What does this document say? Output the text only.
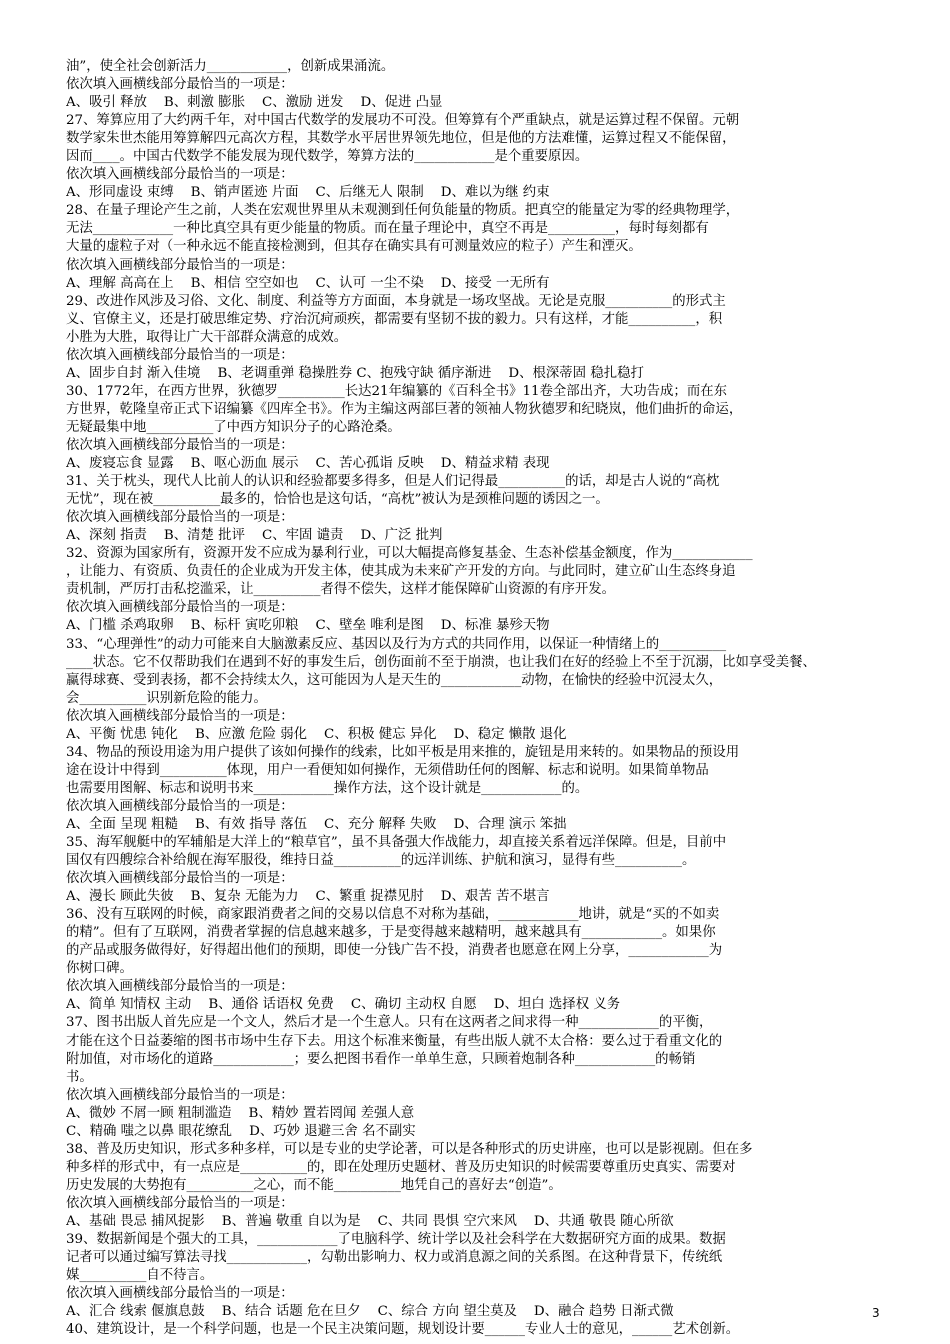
油”，使全社会创新活力____________，创新成果涌流。
依次填入画横线部分最恰当的一项是：
A、吸引 释放    B、刺激 膨胀    C、激励 迸发    D、促进 凸显
27、筹算应用了大约两千年，对中国古代数学的发展功不可没。但筹算有个严重缺点，就是运算过程不保留。元朝
数学家朱世杰能用筹算解四元高次方程，其数学水平居世界领先地位，但是他的方法难懂，运算过程又不能保留，
因而____。中国古代数学不能发展为现代数学，筹算方法的____________是个重要原因。
依次填入画横线部分最恰当的一项是：
A、形同虚设 束缚    B、销声匿迹 片面    C、后继无人 限制    D、难以为继 约束
28、在量子理论产生之前，人类在宏观世界里从未观测到任何负能量的物质。把真空的能量定为零的经典物理学，
无法____________一种比真空具有更少能量的物质。而在量子理论中，真空不再是__________，每时每刻都有
大量的虚粒子对（一种永远不能直接检测到，但其存在确实具有可测量效应的粒子）产生和湮灭。
依次填入画横线部分最恰当的一项是：
A、理解 高高在上    B、相信 空空如也    C、认可 一尘不染    D、接受 一无所有
29、改进作风涉及习俗、文化、制度、利益等方方面面，本身就是一场攻坚战。无论是克服__________的形式主
义、官僚主义，还是打破思维定势、疗治沉疴顽疾，都需要有坚韧不拔的毅力。只有这样，才能__________，积
小胜为大胜，取得让广大干部群众满意的成效。
依次填入画横线部分最恰当的一项是：
A、固步自封 渐入佳境    B、老调重弹 稳操胜券 C、抱残守缺 循序渐进    D、根深蒂固 稳扎稳打
30、1772年，在西方世界，狄德罗__________长达21年编纂的《百科全书》11卷全部出齐，大功告成；而在东
方世界，乾隆皇帝正式下诏编纂《四库全书》。作为主编这两部巨著的领袖人物狄德罗和纪晓岚，他们曲折的命运，
无疑最集中地__________了中西方知识分子的心路沧桑。
依次填入画横线部分最恰当的一项是：
A、废寝忘食 显露    B、呕心沥血 展示    C、苦心孤诣 反映    D、精益求精 表现
31、关于枕头，现代人比前人的认识和经验都要多得多，但是人们记得最__________的话，却是古人说的“高枕
无忧”，现在被__________最多的，恰恰也是这句话，“高枕”被认为是颈椎问题的诱因之一。
依次填入画横线部分最恰当的一项是：
A、深刻 指责    B、清楚 批评    C、牢固 谴责    D、广泛 批判
32、资源为国家所有，资源开发不应成为暴利行业，可以大幅提高修复基金、生态补偿基金额度，作为____________
，让能力、有资质、负责任的企业成为开发主体，使其成为未来矿产开发的方向。与此同时，建立矿山生态终身追
责机制，严厉打击私挖滥采，让__________者得不偿失，这样才能保障矿山资源的有序开发。
依次填入画横线部分最恰当的一项是：
A、门槛 杀鸡取卵    B、标杆 寅吃卯粮    C、壁垒 唯利是图    D、标准 暴殄天物
33、“心理弹性”的动力可能来自大脑激素反应、基因以及行为方式的共同作用，以保证一种情绪上的__________
____状态。它不仅帮助我们在遇到不好的事发生后，创伤面前不至于崩溃，也让我们在好的经验上不至于沉溺，比如享受美餐、
赢得球赛、受到表扬，都不会持续太久，这可能因为人是天生的____________动物，在愉快的经验中沉浸太久，
会__________识别新危险的能力。
依次填入画横线部分最恰当的一项是：
A、平衡 忧患 钝化    B、应激 危险 弱化    C、积极 健忘 异化    D、稳定 懒散 退化
34、物品的预设用途为用户提供了该如何操作的线索，比如平板是用来推的，旋钮是用来转的。如果物品的预设用
途在设计中得到__________体现，用户一看便知如何操作，无须借助任何的图解、标志和说明。如果简单物品
也需要用图解、标志和说明书来____________操作方法，这个设计就是____________的。
依次填入画横线部分最恰当的一项是：
A、全面 呈现 粗糙    B、有效 指导 落伍    C、充分 解释 失败    D、合理 演示 笨拙
35、海军舰艇中的军辅船是大洋上的“粮草官”，虽不具备强大作战能力，却直接关系着远洋保障。但是，目前中
国仅有四艘综合补给舰在海军服役，维持日益__________的远洋训练、护航和演习，显得有些__________。
依次填入画横线部分最恰当的一项是：
A、漫长 顾此失彼    B、复杂 无能为力    C、繁重 捉襟见肘    D、艰苦 苦不堪言
36、没有互联网的时候，商家跟消费者之间的交易以信息不对称为基础，____________地讲，就是“买的不如卖
的精”。但有了互联网，消费者掌握的信息越来越多，于是变得越来越精明，越来越具有____________。如果你
的产品或服务做得好，好得超出他们的预期，即使一分钱广告不投，消费者也愿意在网上分享，____________为
你树口碑。
依次填入画横线部分最恰当的一项是：
A、简单 知情权 主动    B、通俗 话语权 免费    C、确切 主动权 自愿    D、坦白 选择权 义务
37、图书出版人首先应是一个文人，然后才是一个生意人。只有在这两者之间求得一种____________的平衡，
才能在这个日益萎缩的图书市场中生存下去。用这个标准来衡量，有些出版人就不太合格：要么过于看重文化的
附加值，对市场化的道路____________；要么把图书看作一单单生意，只顾着炮制各种____________的畅销
书。
依次填入画横线部分最恰当的一项是：
A、微妙 不屑一顾 粗制滥造    B、精妙 置若罔闻 差强人意
C、精确 嗤之以鼻 眼花缭乱    D、巧妙 退避三舍 名不副实
38、普及历史知识，形式多种多样，可以是专业的史学论著，可以是各种形式的历史讲座，也可以是影视剧。但在多
种多样的形式中，有一点应是__________的，即在处理历史题材、普及历史知识的时候需要尊重历史真实、需要对
历史发展的大势抱有__________之心，而不能__________地凭自己的喜好去“创造”。
依次填入画横线部分最恰当的一项是：
A、基础 畏忌 捕风捉影    B、普遍 敬重 自以为是    C、共同 畏惧 空穴来风    D、共通 敬畏 随心所欲
39、数据新闻是个强大的工具，____________了电脑科学、统计学以及社会科学在大数据研究方面的成果。数据
记者可以通过编写算法寻找____________，勾勒出影响力、权力或消息源之间的关系图。在这种背景下，传统纸
媒__________自不待言。
依次填入画横线部分最恰当的一项是：
A、汇合 线索 偃旗息鼓    B、结合 话题 危在旦夕    C、综合 方向 望尘莫及    D、融合 趋势 日渐式微
40、建筑设计，是一个科学问题，也是一个民主决策问题，规划设计要______专业人士的意见，______艺术创新。
3
